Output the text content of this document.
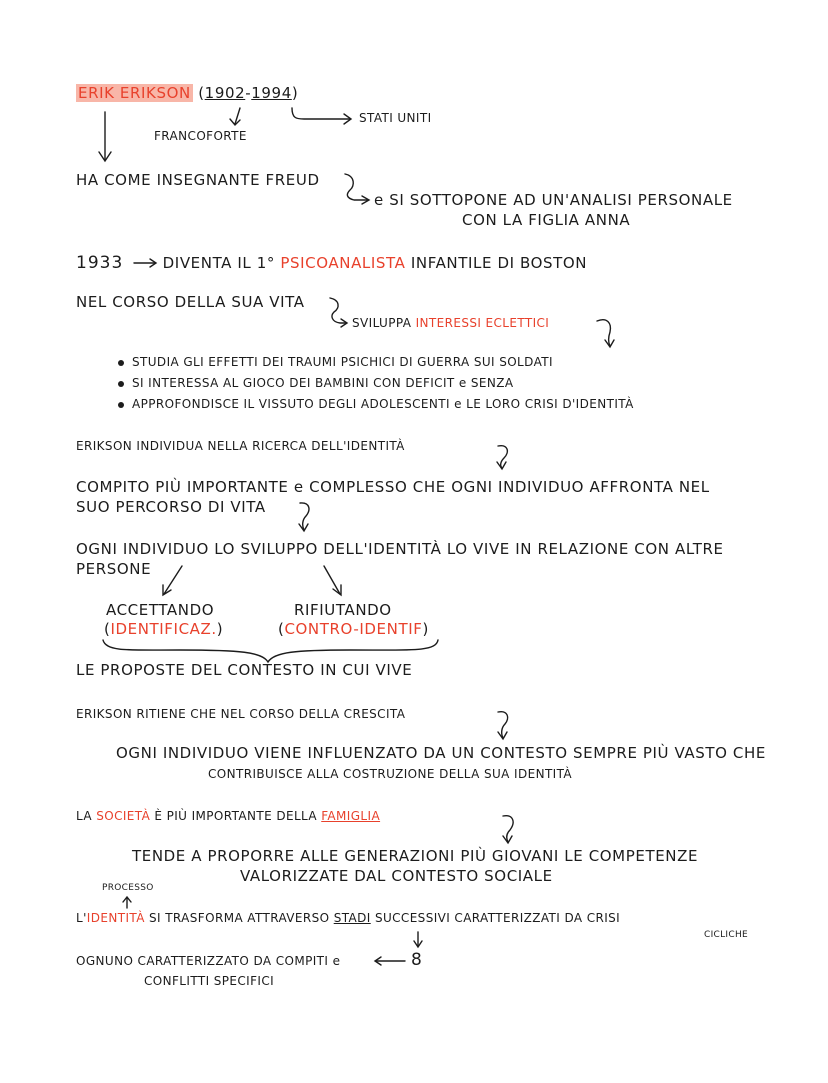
ERIK ERIKSON (1902-1994)
FRANCOFORTE
STATI UNITI
HA COME INSEGNANTE FREUD
e SI SOTTOPONE AD UN'ANALISI PERSONALE
CON LA FIGLIA ANNA
1933	DIVENTA IL 1° PSICOANALISTA INFANTILE DI BOSTON
NEL CORSO DELLA SUA VITA
SVILUPPA INTERESSI ECLETTICI
STUDIA GLI EFFETTI DEI TRAUMI PSICHICI DI GUERRA SUI SOLDATI
SI INTERESSA AL GIOCO DEI BAMBINI CON DEFICIT e SENZA
APPROFONDISCE IL VISSUTO DEGLI ADOLESCENTI e LE LORO CRISI D'IDENTITÀ
ERIKSON INDIVIDUA NELLA RICERCA DELL'IDENTITÀ
COMPITO PIÙ IMPORTANTE e COMPLESSO CHE OGNI INDIVIDUO AFFRONTA NEL
SUO PERCORSO DI VITA
OGNI INDIVIDUO LO SVILUPPO DELL'IDENTITÀ LO VIVE IN RELAZIONE CON ALTRE
PERSONE
ACCETTANDO
(IDENTIFICAZ.)
RIFIUTANDO
(CONTRO-IDENTIF)
LE PROPOSTE DEL CONTESTO IN CUI VIVE
ERIKSON RITIENE CHE NEL CORSO DELLA CRESCITA
OGNI INDIVIDUO VIENE INFLUENZATO DA UN CONTESTO SEMPRE PIÙ VASTO CHE
CONTRIBUISCE ALLA COSTRUZIONE DELLA SUA IDENTITÀ
LA SOCIETÀ È PIÙ IMPORTANTE DELLA FAMIGLIA
TENDE A PROPORRE ALLE GENERAZIONI PIÙ GIOVANI LE COMPETENZE
VALORIZZATE DAL CONTESTO SOCIALE
PROCESSO
L'IDENTITÀ SI TRASFORMA ATTRAVERSO STADI SUCCESSIVI CARATTERIZZATI DA CRISI
CICLICHE
OGNUNO CARATTERIZZATO DA COMPITI e	8
CONFLITTI SPECIFICI
